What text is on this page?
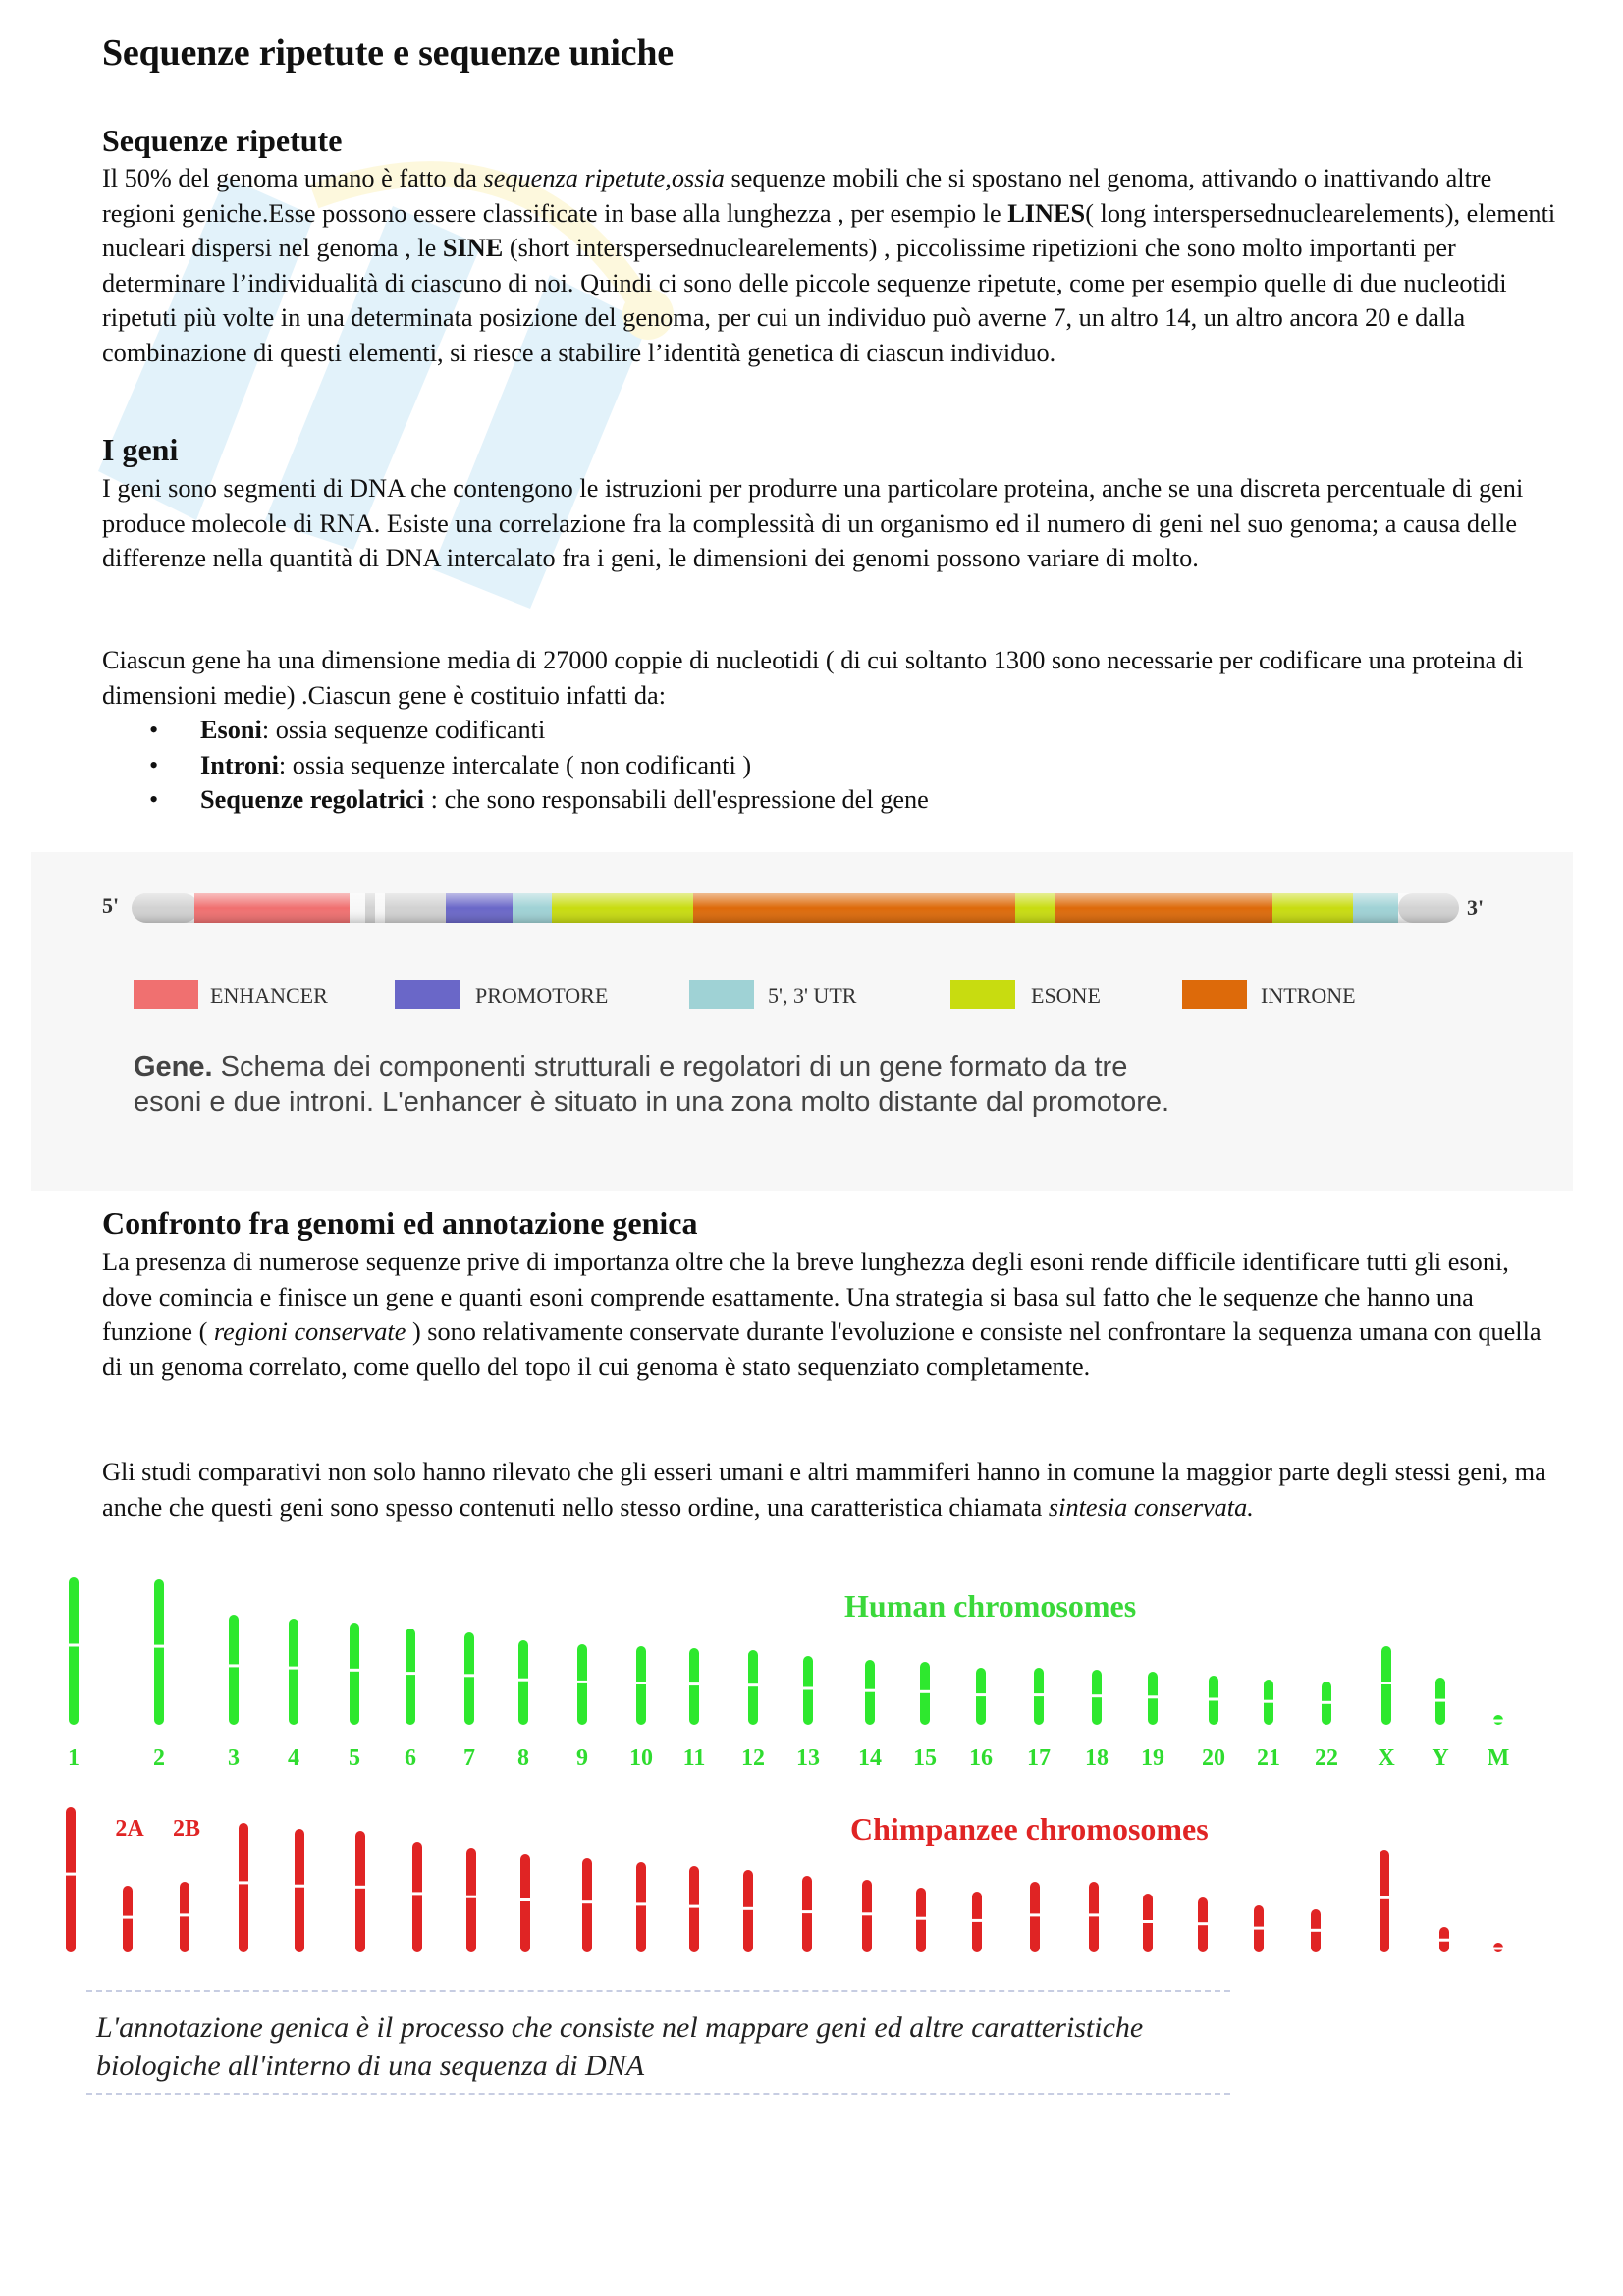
Sequenze ripetute e sequenze uniche
Sequenze ripetute

Il 50% del genoma umano è fatto da sequenza ripetute,ossia sequenze mobili che si spostano nel genoma, attivando o inattivando altre regioni geniche.Esse possono essere classificate in base alla lunghezza , per esempio le LINES( long interspersednuclearelements), elementi nucleari dispersi nel genoma , le SINE (short interspersednuclearelements) , piccolissime ripetizioni che sono molto importanti per determinare l’individualità di ciascuno di noi. Quindi ci sono delle piccole sequenze ripetute, come per esempio quelle di due nucleotidi ripetuti più volte in una determinata posizione del genoma, per cui un individuo può averne 7, un altro 14, un altro ancora 20 e dalla combinazione di questi elementi, si riesce a stabilire l’identità genetica di ciascun individuo.

I geni

I geni sono segmenti di DNA che contengono le istruzioni per produrre una particolare proteina, anche se una discreta percentuale di geni produce molecole di RNA. Esiste una correlazione fra la complessità di un organismo ed il numero di geni nel suo genoma; a causa delle differenze nella quantità di DNA intercalato fra i geni, le dimensioni dei genomi possono variare di molto.

Ciascun gene ha una dimensione media di 27000 coppie di nucleotidi ( di cui soltanto 1300 sono necessarie per codificare una proteina di dimensioni medie) .Ciascun gene è costituio infatti da:

• Esoni: ossia sequenze codificanti
• Introni: ossia sequenze intercalate ( non codificanti )
• Sequenze regolatrici : che sono responsabili dell'espressione del gene
5'	3'
ENHANCER	PROMOTORE	5', 3' UTR	ESONE	INTRONE
Gene. Schema dei componenti strutturali e regolatori di un gene formato da tre
esoni e due introni. L'enhancer è situato in una zona molto distante dal promotore.
Confronto fra genomi ed annotazione genica

La presenza di numerose sequenze prive di importanza oltre che la breve lunghezza degli esoni rende difficile identificare tutti gli esoni, dove comincia e finisce un gene e quanti esoni comprende esattamente. Una strategia si basa sul fatto che le sequenze che hanno una funzione ( regioni conservate ) sono relativamente conservate durante l'evoluzione e consiste nel confrontare la sequenza umana con quella di un genoma correlato, come quello del topo il cui genoma è stato sequenziato completamente.

Gli studi comparativi non solo hanno rilevato che gli esseri umani e altri mammiferi hanno in comune la maggior parte degli stessi geni, ma anche che questi geni sono spesso contenuti nello stesso ordine, una caratteristica chiamata sintesia conservata.

Human chromosomes
Chimpanzee chromosomes
1	2	3 4 5 6 7 8 9 10 11 12 13 14 15 16 17 18 19 20 21 22 X Y M
2A 2B
L'annotazione genica è il processo che consiste nel mappare geni ed altre caratteristiche biologiche all'interno di una sequenza di DNA
